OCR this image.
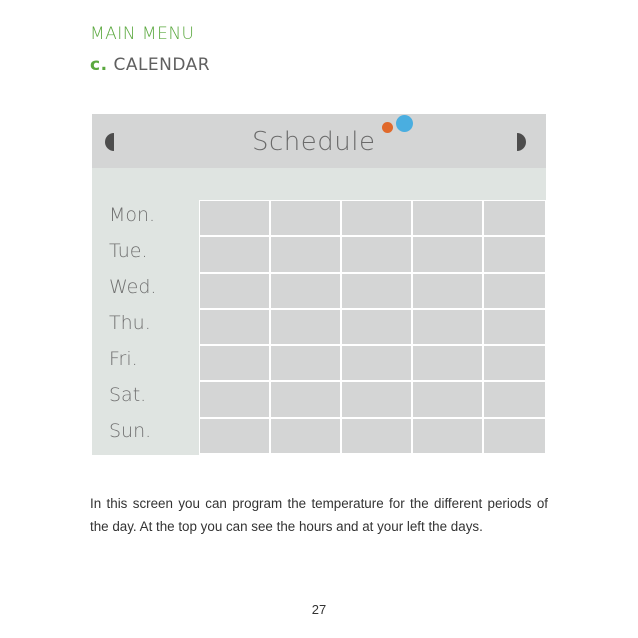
MAIN MENU
c. CALENDAR
Schedule
Mon.
Tue.
Wed.
Thu.
Fri.
Sat.
Sun.

In this screen you can program the temperature for the different periods of the day. At the top you can see the hours and at your left the days.

27
